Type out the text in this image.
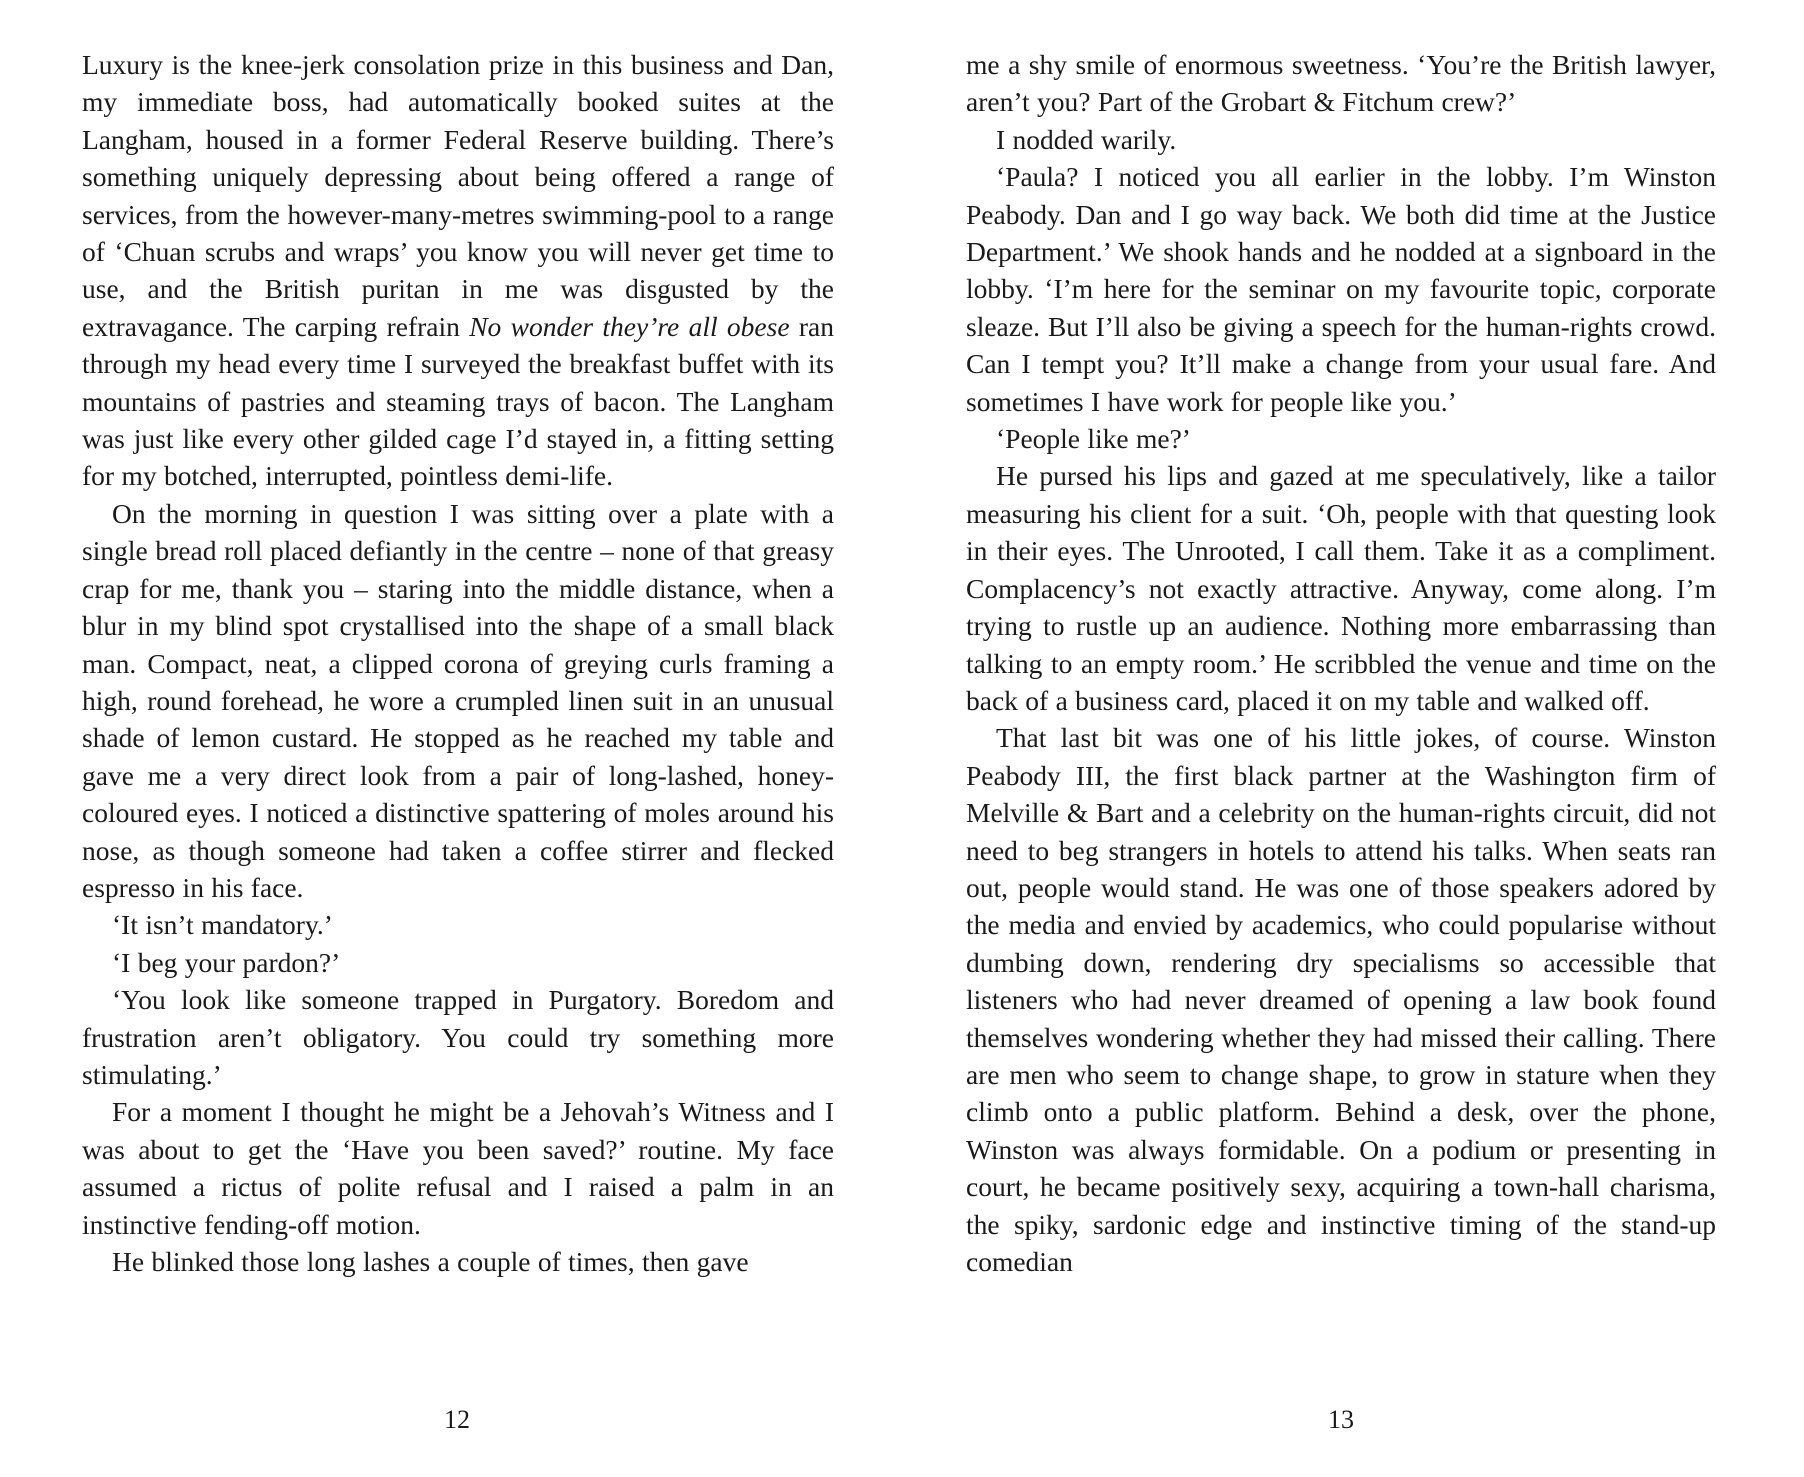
Luxury is the knee-jerk consolation prize in this business and Dan, my immediate boss, had automatically booked suites at the Langham, housed in a former Federal Reserve building. There’s something uniquely depressing about being offered a range of services, from the however-many-metres swimming-pool to a range of ‘Chuan scrubs and wraps’ you know you will never get time to use, and the British puritan in me was disgusted by the extravagance. The carping refrain No wonder they’re all obese ran through my head every time I surveyed the breakfast buffet with its mountains of pastries and steaming trays of bacon. The Langham was just like every other gilded cage I’d stayed in, a fitting setting for my botched, interrupted, pointless demi-life.

On the morning in question I was sitting over a plate with a single bread roll placed defiantly in the centre – none of that greasy crap for me, thank you – staring into the middle distance, when a blur in my blind spot crystallised into the shape of a small black man. Compact, neat, a clipped corona of greying curls framing a high, round forehead, he wore a crumpled linen suit in an unusual shade of lemon custard. He stopped as he reached my table and gave me a very direct look from a pair of long-lashed, honey-coloured eyes. I noticed a distinctive spattering of moles around his nose, as though someone had taken a coffee stirrer and flecked espresso in his face.

‘It isn’t mandatory.’

‘I beg your pardon?’

‘You look like someone trapped in Purgatory. Boredom and frustration aren’t obligatory. You could try something more stimulating.’

For a moment I thought he might be a Jehovah’s Witness and I was about to get the ‘Have you been saved?’ routine. My face assumed a rictus of polite refusal and I raised a palm in an instinctive fending-off motion.

He blinked those long lashes a couple of times, then gave

12

me a shy smile of enormous sweetness. ‘You’re the British lawyer, aren’t you? Part of the Grobart & Fitchum crew?’

I nodded warily.

‘Paula? I noticed you all earlier in the lobby. I’m Winston Peabody. Dan and I go way back. We both did time at the Justice Department.’ We shook hands and he nodded at a signboard in the lobby. ‘I’m here for the seminar on my favourite topic, corporate sleaze. But I’ll also be giving a speech for the human-rights crowd. Can I tempt you? It’ll make a change from your usual fare. And sometimes I have work for people like you.’

‘People like me?’

He pursed his lips and gazed at me speculatively, like a tailor measuring his client for a suit. ‘Oh, people with that questing look in their eyes. The Unrooted, I call them. Take it as a compliment. Complacency’s not exactly attractive. Anyway, come along. I’m trying to rustle up an audience. Nothing more embarrassing than talking to an empty room.’ He scribbled the venue and time on the back of a business card, placed it on my table and walked off.

That last bit was one of his little jokes, of course. Winston Peabody III, the first black partner at the Washington firm of Melville & Bart and a celebrity on the human-rights circuit, did not need to beg strangers in hotels to attend his talks. When seats ran out, people would stand. He was one of those speakers adored by the media and envied by academics, who could popularise without dumbing down, rendering dry specialisms so accessible that listeners who had never dreamed of opening a law book found themselves wondering whether they had missed their calling. There are men who seem to change shape, to grow in stature when they climb onto a public platform. Behind a desk, over the phone, Winston was always formidable. On a podium or presenting in court, he became positively sexy, acquiring a town-hall charisma, the spiky, sardonic edge and instinctive timing of the stand-up comedian

13
